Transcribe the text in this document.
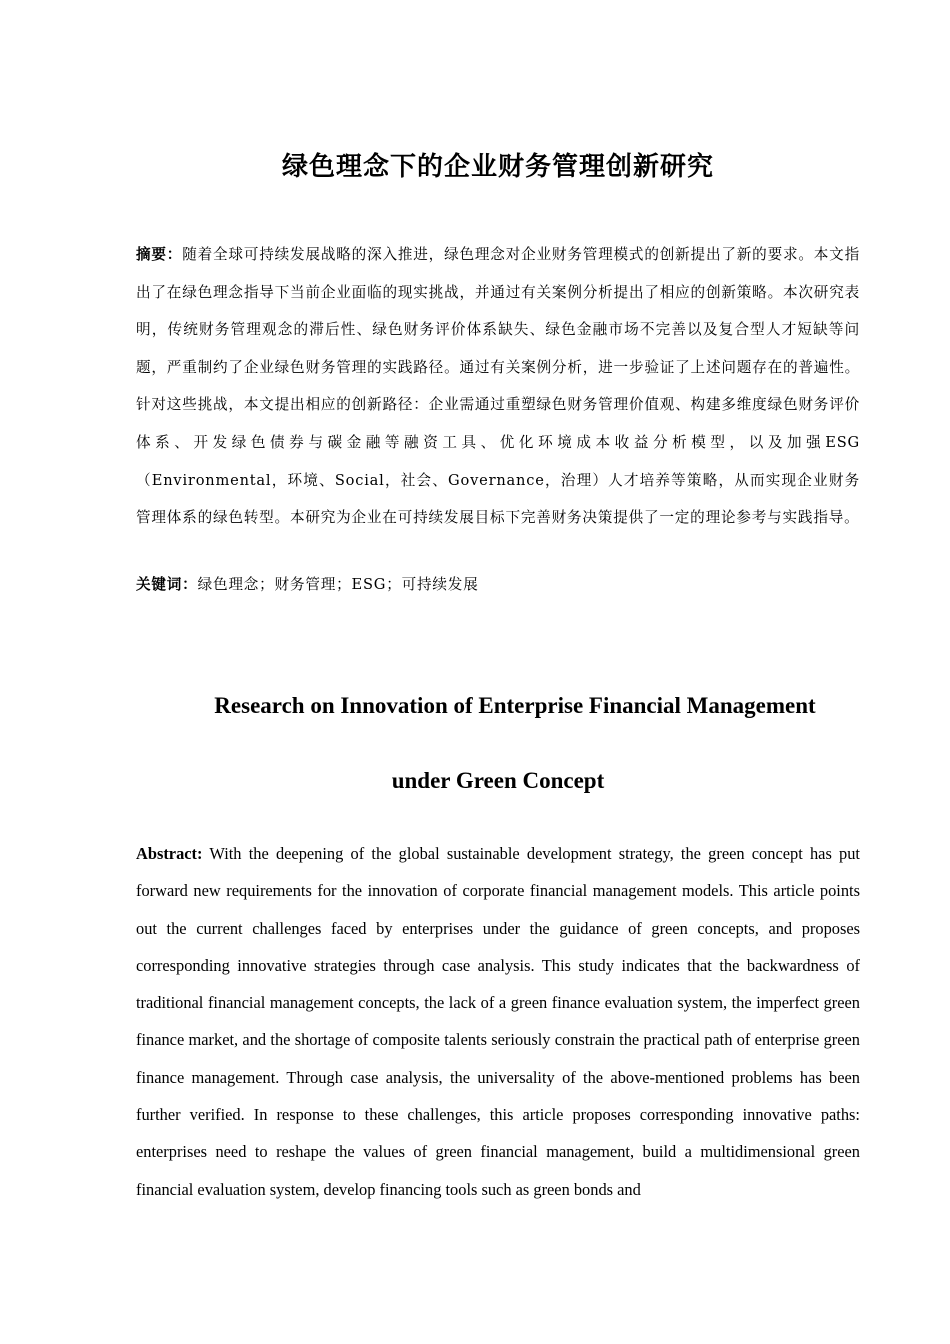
绿色理念下的企业财务管理创新研究

摘要：随着全球可持续发展战略的深入推进，绿色理念对企业财务管理模式的创新提出了新的要求。本文指出了在绿色理念指导下当前企业面临的现实挑战，并通过有关案例分析提出了相应的创新策略。本次研究表明，传统财务管理观念的滞后性、绿色财务评价体系缺失、绿色金融市场不完善以及复合型人才短缺等问题，严重制约了企业绿色财务管理的实践路径。通过有关案例分析，进一步验证了上述问题存在的普遍性。针对这些挑战，本文提出相应的创新路径：企业需通过重塑绿色财务管理价值观、构建多维度绿色财务评价体系、开发绿色债券与碳金融等融资工具、优化环境成本收益分析模型，以及加强ESG（Environmental，环境、Social，社会、Governance，治理）人才培养等策略，从而实现企业财务管理体系的绿色转型。本研究为企业在可持续发展目标下完善财务决策提供了一定的理论参考与实践指导。

关键词：绿色理念；财务管理；ESG；可持续发展

Research on Innovation of Enterprise Financial Management
under Green Concept

Abstract: With the deepening of the global sustainable development strategy, the green concept has put forward new requirements for the innovation of corporate financial management models. This article points out the current challenges faced by enterprises under the guidance of green concepts, and proposes corresponding innovative strategies through case analysis. This study indicates that the backwardness of traditional financial management concepts, the lack of a green finance evaluation system, the imperfect green finance market, and the shortage of composite talents seriously constrain the practical path of enterprise green finance management. Through case analysis, the universality of the above-mentioned problems has been further verified. In response to these challenges, this article proposes corresponding innovative paths: enterprises need to reshape the values of green financial management, build a multidimensional green financial evaluation system, develop financing tools such as green bonds and
